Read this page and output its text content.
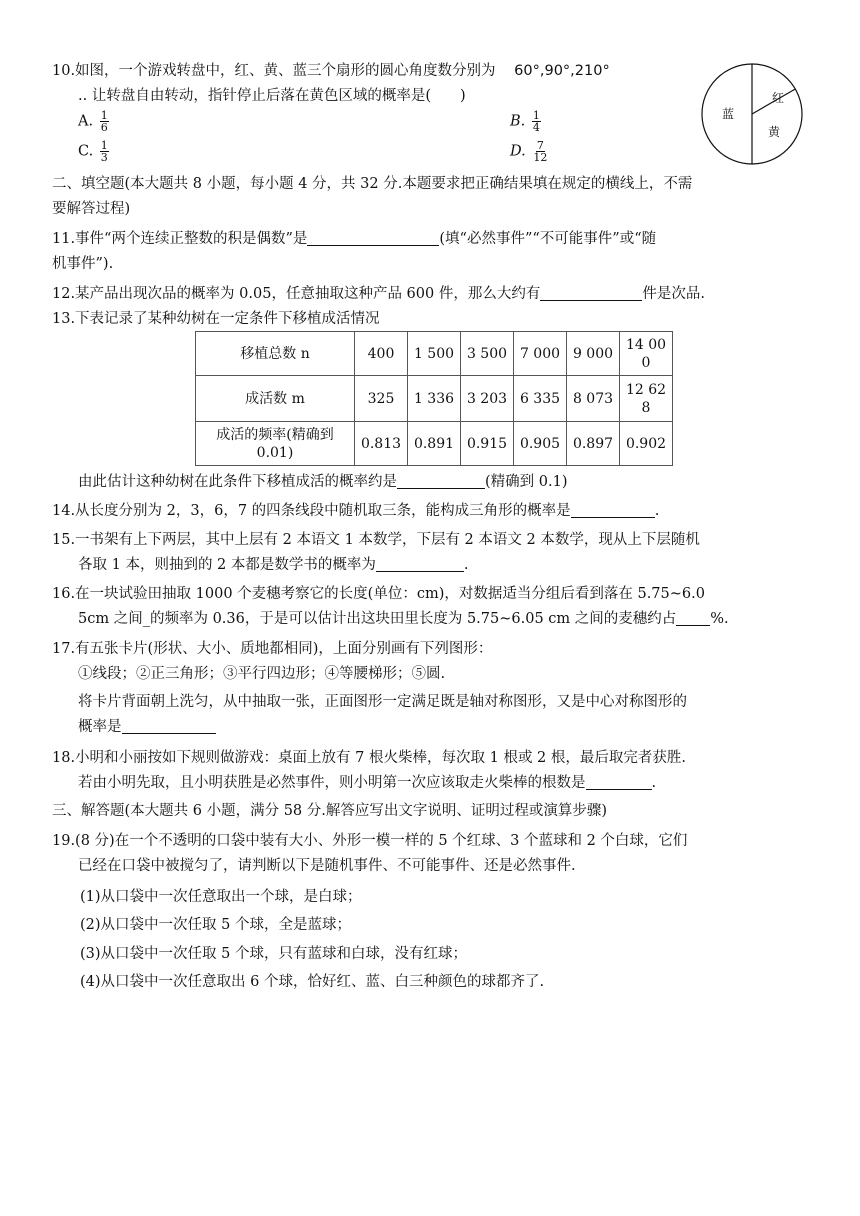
10.如图，一个游戏转盘中，红、黄、蓝三个扇形的圆心角度数分别为 60°,90°,210°
.. 让转盘自由转动，指针停止后落在黄色区域的概率是(　　)
A. $\frac{1}{6}$	B. $\frac{1}{4}$
C. $\frac{1}{3}$	D. $\frac{7}{12}$
红
黄
蓝
二、填空题(本大题共 8 小题，每小题 4 分，共 32 分.本题要求把正确结果填在规定的横线上，不需
要解答过程)
11.事件“两个连续正整数的积是偶数”是	(填“必然事件”“不可能事件”或“随
机事件”).
12.某产品出现次品的概率为 0.05，任意抽取这种产品 600 件，那么大约有	件是次品.
13.下表记录了某种幼树在一定条件下移植成活情况
移植总数 n	400	1 500	3 500	7 000	9 000	14 00
0
成活数 m	325	1 336	3 203	6 335	8 073	12 62
8
成活的频率(精确到
0.01)	0.813	0.891	0.915	0.905	0.897	0.902
由此估计这种幼树在此条件下移植成活的概率约是	(精确到 0.1)
14.从长度分别为 2，3，6，7 的四条线段中随机取三条，能构成三角形的概率是	.
15.一书架有上下两层，其中上层有 2 本语文 1 本数学，下层有 2 本语文 2 本数学，现从上下层随机
各取 1 本，则抽到的 2 本都是数学书的概率为	.
16.在一块试验田抽取 1000 个麦穗考察它的长度(单位：cm)，对数据适当分组后看到落在 5.75~6.0
5cm 之间_的频率为 0.36，于是可以估计出这块田里长度为 5.75~6.05 cm 之间的麦穗约占 %.
17.有五张卡片(形状、大小、质地都相同)，上面分别画有下列图形：
①线段；②正三角形；③平行四边形；④等腰梯形；⑤圆.
将卡片背面朝上洗匀，从中抽取一张，正面图形一定满足既是轴对称图形，又是中心对称图形的
概率是
18.小明和小丽按如下规则做游戏：桌面上放有 7 根火柴棒，每次取 1 根或 2 根，最后取完者获胜.
若由小明先取，且小明获胜是必然事件，则小明第一次应该取走火柴棒的根数是	.
三、解答题(本大题共 6 小题，满分 58 分.解答应写出文字说明、证明过程或演算步骤)
19.(8 分)在一个不透明的口袋中装有大小、外形一模一样的 5 个红球、3 个蓝球和 2 个白球，它们
已经在口袋中被搅匀了，请判断以下是随机事件、不可能事件、还是必然事件.
(1)从口袋中一次任意取出一个球，是白球；
(2)从口袋中一次任取 5 个球，全是蓝球；
(3)从口袋中一次任取 5 个球，只有蓝球和白球，没有红球；
(4)从口袋中一次任意取出 6 个球，恰好红、蓝、白三种颜色的球都齐了.
